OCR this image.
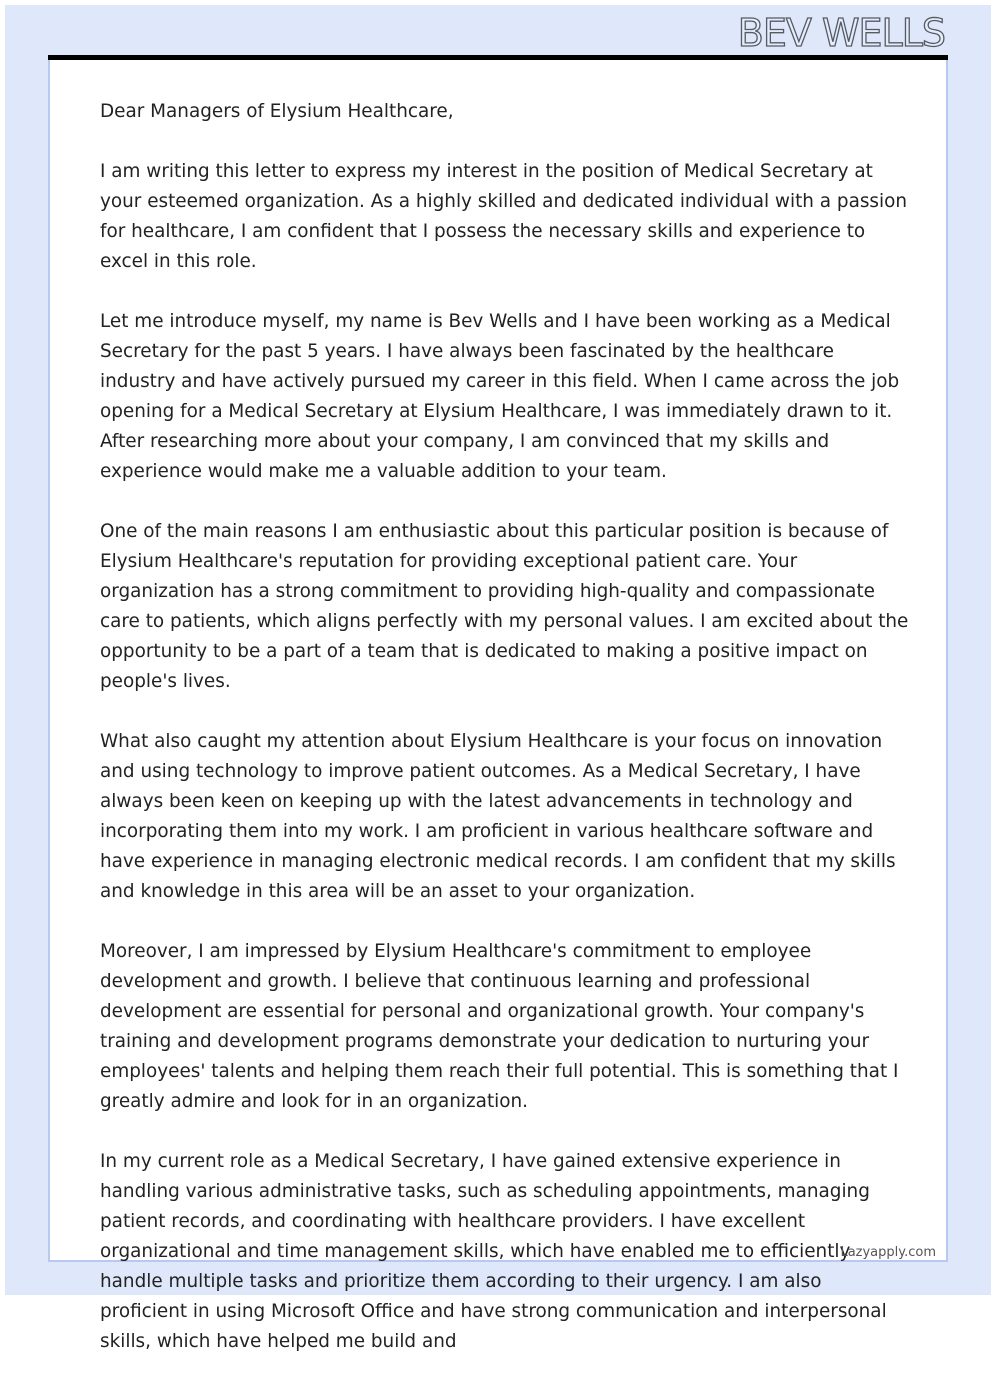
BEV WELLS

Dear Managers of Elysium Healthcare,

I am writing this letter to express my interest in the position of Medical Secretary at your esteemed organization. As a highly skilled and dedicated individual with a passion for healthcare, I am confident that I possess the necessary skills and experience to excel in this role.

Let me introduce myself, my name is Bev Wells and I have been working as a Medical Secretary for the past 5 years. I have always been fascinated by the healthcare industry and have actively pursued my career in this field. When I came across the job opening for a Medical Secretary at Elysium Healthcare, I was immediately drawn to it. After researching more about your company, I am convinced that my skills and experience would make me a valuable addition to your team.

One of the main reasons I am enthusiastic about this particular position is because of Elysium Healthcare's reputation for providing exceptional patient care. Your organization has a strong commitment to providing high-quality and compassionate care to patients, which aligns perfectly with my personal values. I am excited about the opportunity to be a part of a team that is dedicated to making a positive impact on people's lives.

What also caught my attention about Elysium Healthcare is your focus on innovation and using technology to improve patient outcomes. As a Medical Secretary, I have always been keen on keeping up with the latest advancements in technology and incorporating them into my work. I am proficient in various healthcare software and have experience in managing electronic medical records. I am confident that my skills and knowledge in this area will be an asset to your organization.

Moreover, I am impressed by Elysium Healthcare's commitment to employee development and growth. I believe that continuous learning and professional development are essential for personal and organizational growth. Your company's training and development programs demonstrate your dedication to nurturing your employees' talents and helping them reach their full potential. This is something that I greatly admire and look for in an organization.

In my current role as a Medical Secretary, I have gained extensive experience in handling various administrative tasks, such as scheduling appointments, managing patient records, and coordinating with healthcare providers. I have excellent organizational and time management skills, which have enabled me to efficiently handle multiple tasks and prioritize them according to their urgency. I am also proficient in using Microsoft Office and have strong communication and interpersonal skills, which have helped me build and

Lazyapply.com
